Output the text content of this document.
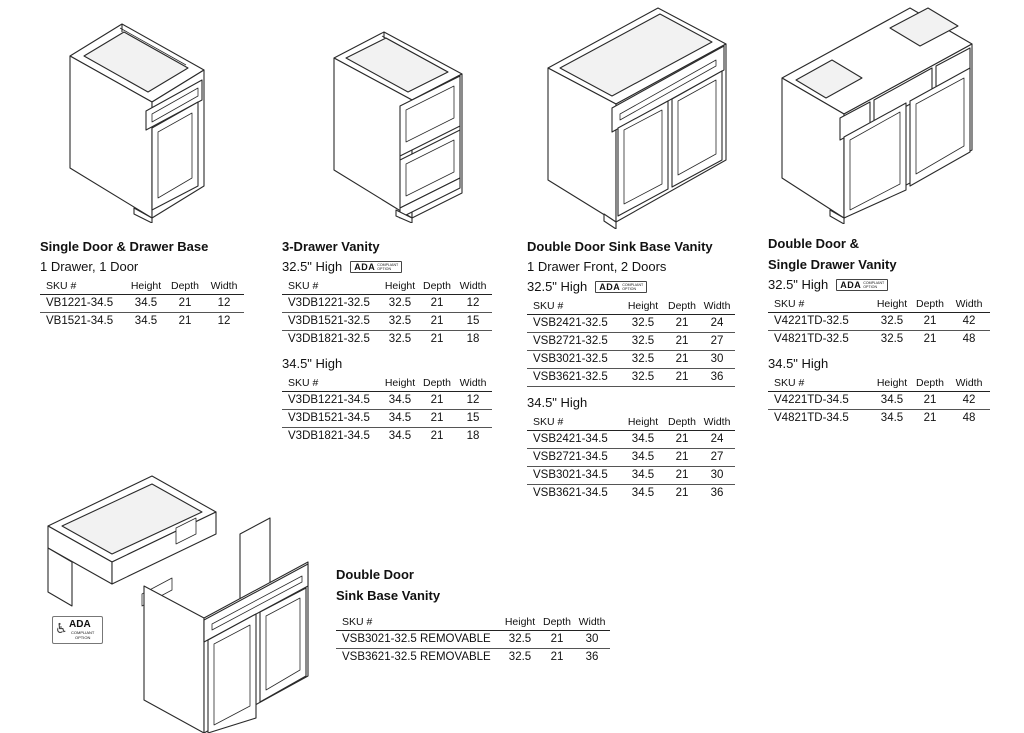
♿ ADA
COMPLIANT
OPTION
Single Door & Drawer Base
1 Drawer, 1 Door
SKU #	Height	Depth	Width
VB1221-34.5	34.5	21	12
VB1521-34.5	34.5	21	12
3-Drawer Vanity
32.5" High ADA COMPLIANT
OPTION
SKU #	Height	Depth	Width
V3DB1221-32.5	32.5	21	12
V3DB1521-32.5	32.5	21	15
V3DB1821-32.5	32.5	21	18
34.5" High
SKU #	Height	Depth	Width
V3DB1221-34.5	34.5	21	12
V3DB1521-34.5	34.5	21	15
V3DB1821-34.5	34.5	21	18
Double Door Sink Base Vanity
1 Drawer Front, 2 Doors
32.5" High ADA COMPLIANT
OPTION
SKU #	Height	Depth	Width
VSB2421-32.5	32.5	21	24
VSB2721-32.5	32.5	21	27
VSB3021-32.5	32.5	21	30
VSB3621-32.5	32.5	21	36
34.5" High
SKU #	Height	Depth	Width
VSB2421-34.5	34.5	21	24
VSB2721-34.5	34.5	21	27
VSB3021-34.5	34.5	21	30
VSB3621-34.5	34.5	21	36
Double Door &
Single Drawer Vanity
32.5" High ADA COMPLIANT
OPTION
SKU #	Height	Depth	Width
V4221TD-32.5	32.5	21	42
V4821TD-32.5	32.5	21	48
34.5" High
SKU #	Height	Depth	Width
V4221TD-34.5	34.5	21	42
V4821TD-34.5	34.5	21	48
Double Door
Sink Base Vanity
SKU #	Height	Depth	Width
VSB3021-32.5 REMOVABLE	32.5	21	30
VSB3621-32.5 REMOVABLE	32.5	21	36
